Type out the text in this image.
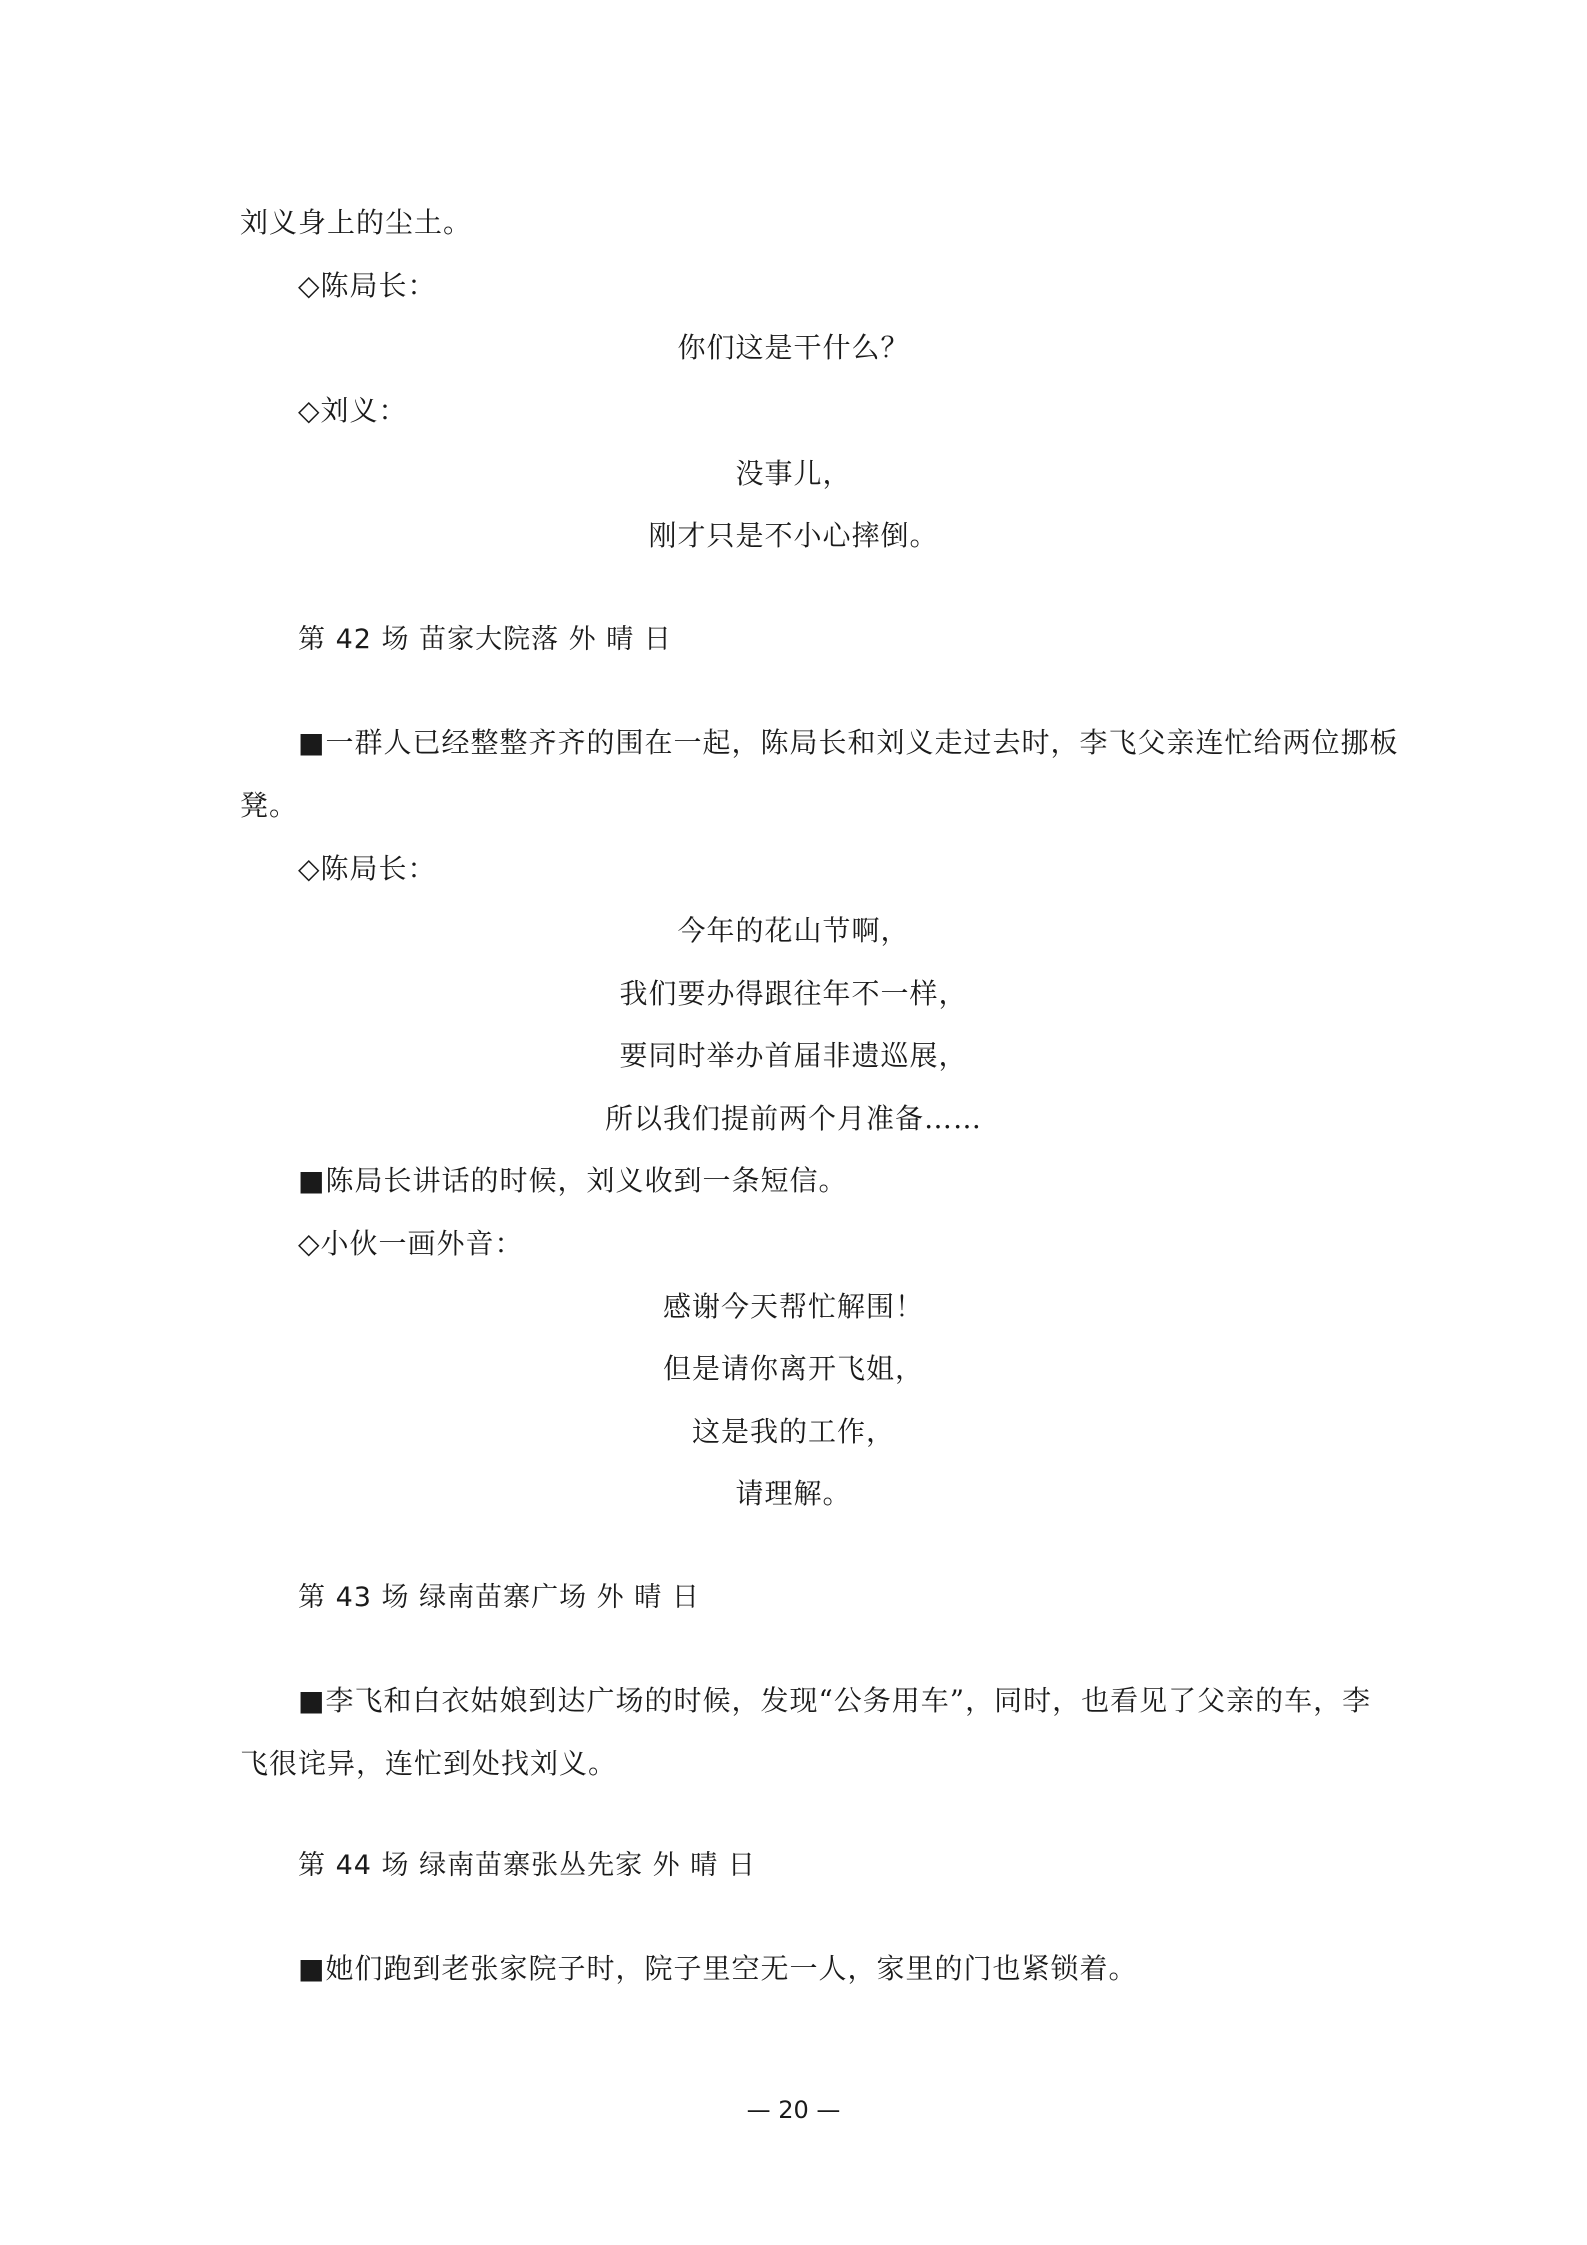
刘义身上的尘土。
◇陈局长：
你们这是干什么？
◇刘义：
没事儿，
刚才只是不小心摔倒。
第 42 场 苗家大院落 外 晴 日
■一群人已经整整齐齐的围在一起，陈局长和刘义走过去时，李飞父亲连忙给两位挪板
凳。
◇陈局长：
今年的花山节啊，
我们要办得跟往年不一样，
要同时举办首届非遗巡展，
所以我们提前两个月准备……
■陈局长讲话的时候，刘义收到一条短信。
◇小伙一画外音：
感谢今天帮忙解围！
但是请你离开飞姐，
这是我的工作，
请理解。
第 43 场 绿南苗寨广场 外 晴 日
■李飞和白衣姑娘到达广场的时候，发现“公务用车”，同时，也看见了父亲的车，李
飞很诧异，连忙到处找刘义。
第 44 场 绿南苗寨张丛先家 外 晴 日
■她们跑到老张家院子时，院子里空无一人，家里的门也紧锁着。
— 20 —
